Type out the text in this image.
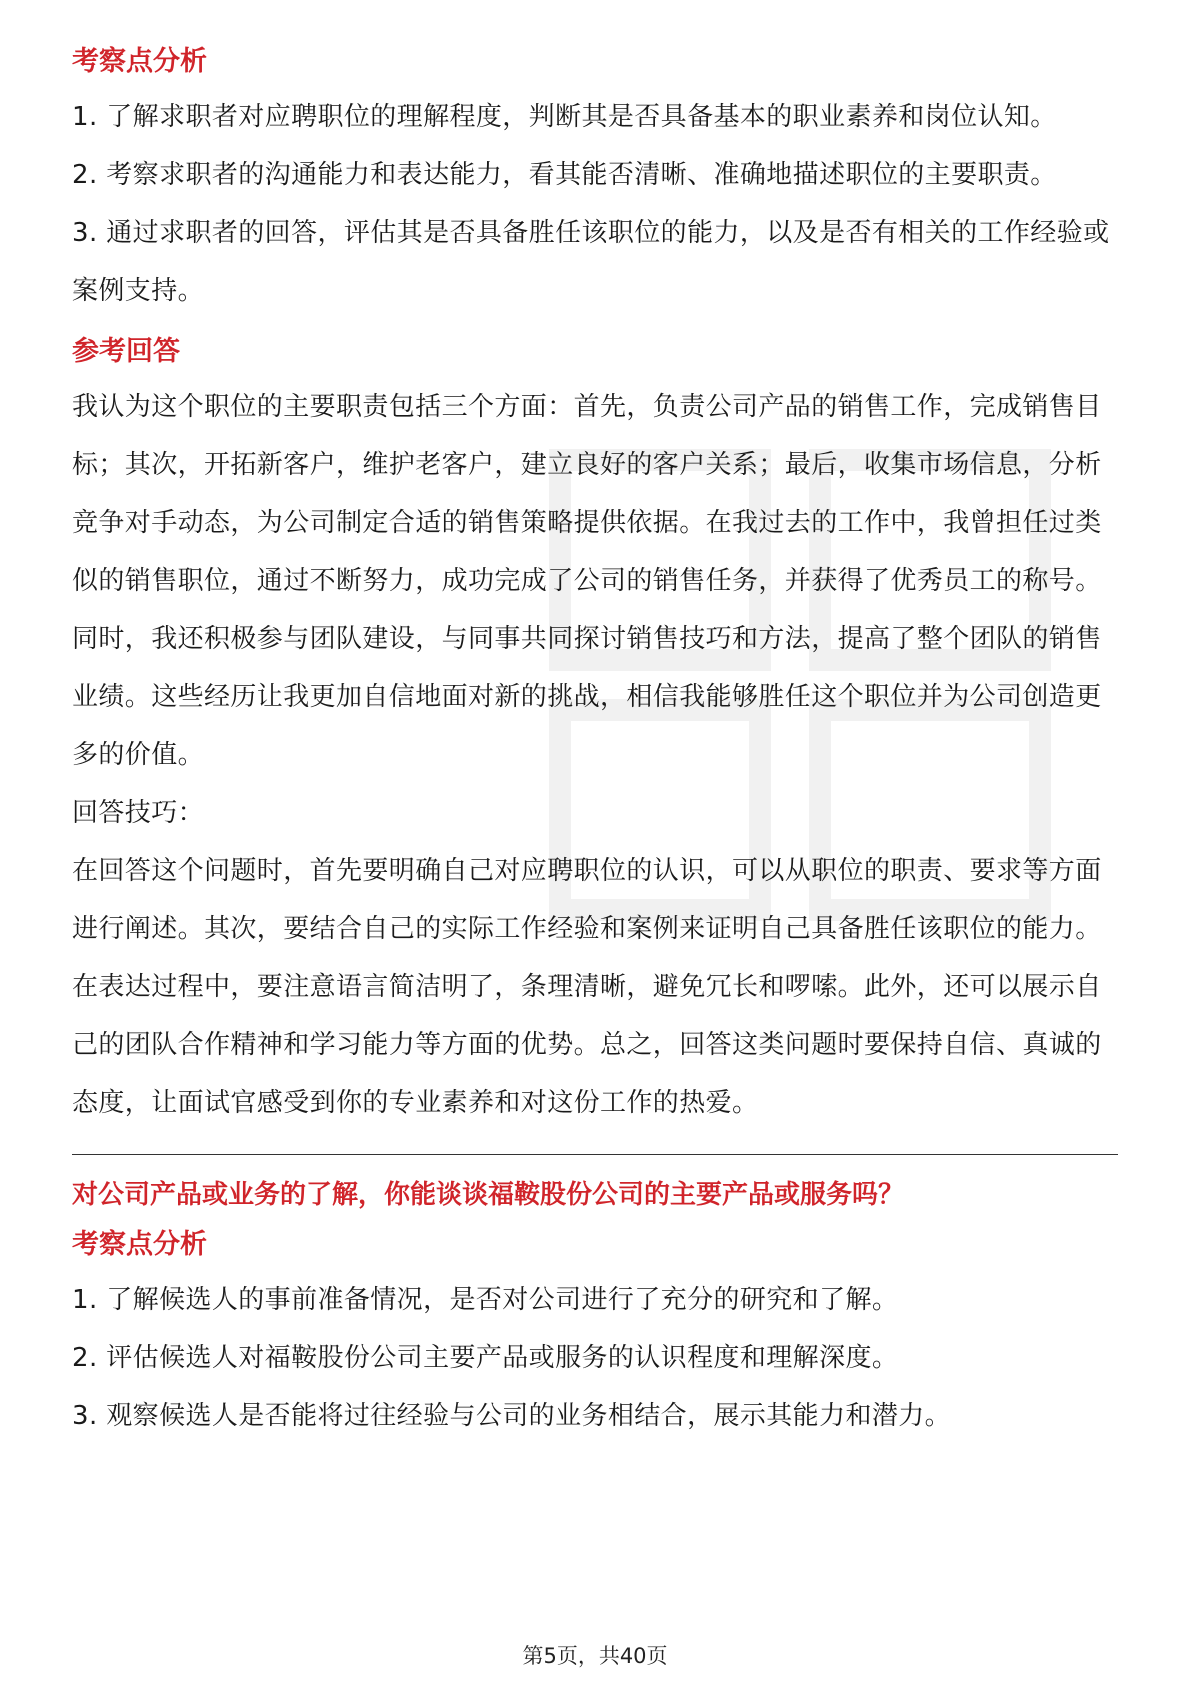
考察点分析

1. 了解求职者对应聘职位的理解程度，判断其是否具备基本的职业素养和岗位认知。

2. 考察求职者的沟通能力和表达能力，看其能否清晰、准确地描述职位的主要职责。

3. 通过求职者的回答，评估其是否具备胜任该职位的能力，以及是否有相关的工作经验或案例支持。

参考回答

我认为这个职位的主要职责包括三个方面：首先，负责公司产品的销售工作，完成销售目标；其次，开拓新客户，维护老客户，建立良好的客户关系；最后，收集市场信息，分析竞争对手动态，为公司制定合适的销售策略提供依据。在我过去的工作中，我曾担任过类似的销售职位，通过不断努力，成功完成了公司的销售任务，并获得了优秀员工的称号。同时，我还积极参与团队建设，与同事共同探讨销售技巧和方法，提高了整个团队的销售业绩。这些经历让我更加自信地面对新的挑战，相信我能够胜任这个职位并为公司创造更多的价值。

回答技巧：

在回答这个问题时，首先要明确自己对应聘职位的认识，可以从职位的职责、要求等方面进行阐述。其次，要结合自己的实际工作经验和案例来证明自己具备胜任该职位的能力。在表达过程中，要注意语言简洁明了，条理清晰，避免冗长和啰嗦。此外，还可以展示自己的团队合作精神和学习能力等方面的优势。总之，回答这类问题时要保持自信、真诚的态度，让面试官感受到你的专业素养和对这份工作的热爱。

对公司产品或业务的了解，你能谈谈福鞍股份公司的主要产品或服务吗？
考察点分析

1. 了解候选人的事前准备情况，是否对公司进行了充分的研究和了解。

2. 评估候选人对福鞍股份公司主要产品或服务的认识程度和理解深度。

3. 观察候选人是否能将过往经验与公司的业务相结合，展示其能力和潜力。

第5页，共40页
